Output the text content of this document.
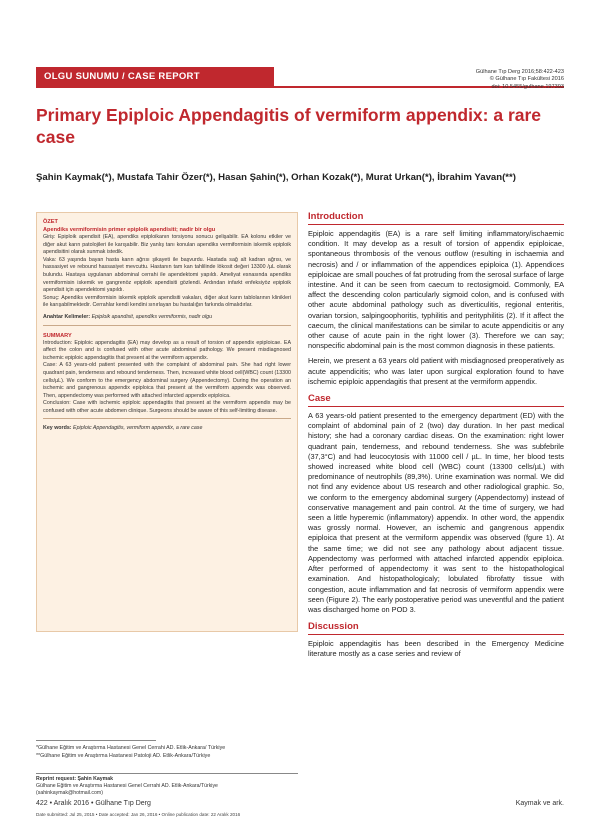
OLGU SUNUMU / CASE REPORT	Gülhane Tıp Derg 2016;58:422-423
© Gülhane Tıp Fakültesi 2016
doi: 10.5455/gulhane.197393
Primary Epiploic Appendagitis of vermiform appendix: a rare case
Şahin Kaymak(*), Mustafa Tahir Özer(*), Hasan Şahin(*), Orhan Kozak(*), Murat Urkan(*), İbrahim Yavan(**)
ÖZET
Apendiks vermiformisin primer epiploik apendisiti; nadir bir olgu
Giriş: Epiploik apendisit (EA), apendiks epiploikanın torsiyonu sonucu gelişabilir. EA kolonu etkiler ve diğer akut karın patolojileri ile karışabilir. Biz yanlış tanı konulan apendiks vermiformisin iskemik epiploik apendisitini olarak sunmak istedik.
Vaka: 63 yaşında bayan hasta karın ağrısı şikayeti ile başvurdu. Hastada sağ alt kadran ağrısı, ve hassasiyet ve rebound hassasiyet mevcuttu. Hastanın tam kan tahlilinde lökosit değeri 13300 /µL olarak bulundu. Hastaya uygulanan abdominal cerrahi ile apendektomi yapıldı. Ameliyat esnasında apendiks vermiformisin iskemik ve gangrenöz epiploik apendisiti gözlendi. Ardından infarkt enfeksiyöz epiploik apendisit için apendektomi yapıldı.
Sonuç: Apendiks vermiformisin iskemik epiploik apendisiti vakaları, diğer akut karın tablolarının klinikleri ile karışabilmektedir. Cerrahlar kendi kendini sınırlayan bu hastalığın farkında olmalıdırlar.
Anahtar Kelimeler: Epiploik apandisit, apendiks vermiformis, nadir olgu
SUMMARY
Introduction: Epiploic appendagitis (EA) may develop as a result of torsion of appendix epiploicae. EA affect the colon and is confused with other acute abdominal pathology. We present misdiagnosed ischemic epiploic appendagitis that present at the vermiform appendix.
Case: A 63 years-old patient presented with the complaint of abdominal pain. She had right lower quadrant pain, tenderness and rebound tenderness. Then, increased white blood cell(WBC) count (13300 cells/µL). We conform to the emergency abdominal surgery (Appendectomy). During the operation an ischemic and gangrenous appendix epiploica that present at the vermiform appendix was observed. Then, appendectomy was performed with attached infarcted appendix epiploica.
Conclusion: Case with ischemic epiploic appendagitis that present at the vermiform appendix may be confused with other acute abdomen clinique. Surgeons should be aware of this self-limiting disease.
Key words: Epiploic Appendagitis, vermiform appendix, a rare case
*Gülhane Eğitim ve Araştırma Hastanesi Genel Cerrahi AD. Etlik-Ankara/ Türkiye
**Gülhane Eğitim ve Araştırma Hastanesi Patoloji AD. Etlik-Ankara/Türkiye
Reprint request: Şahin Kaymak
Gülhane Eğitim ve Araştırma Hastanesi Genel Cerrahi AD. Etlik-Ankara/Türkiye
(sahinkaymak@hotmail.com)
Date submitted: Jul 25, 2015 • Date accepted: Jan 26, 2016 • Online publication date: 22 Aralık 2016
Introduction

Epiploic appendagitis (EA) is a rare self limiting inflammatory/ischaemic condition. It may develop as a result of torsion of appendix epiploicae, spontaneous thrombosis of the venous outflow (resulting in ischaemia and necrosis) and / or inflammation of the appendices epiploica (1). Appendices epiploicae are small pouches of fat protruding from the serosal surface of large intestine. And it can be seen from caecum to rectosigmoid. Commonly, EA affect the descending colon particularly sigmoid colon, and is confused with other acute abdominal pathology such as diverticulitis, regional enteritis, ovarian torsion, salpingoophoritis, typhilitis and perityphilitis (2). If it affect the caecum, the clinical manifestations can be similar to acute appendicitis or any other cause of acute pain in the right lower (3). Therefore we can say; nonspecific abdominal pain is the most common diagnosis in these patients.

Herein, we present a 63 years old patient with misdiagnosed preoperatively as acute appendicitis; who was later upon surgical exploration found to have ischemic epiploic appendagitis that present at the vermiform appendix.

Case

A 63 years-old patient presented to the emergency department (ED) with the complaint of abdominal pain of 2 (two) day duration. In her past medical history; she had a coronary cardiac diseas. On the examination: right lower quadrant pain, tenderness, and rebound tenderness. She was subfebrile (37,3°C) and had leucocytosis with 11000 cell / µL. In time, her blood tests showed increased white blood cell (WBC) count (13300 cells/µL) with predominance of neutrophils (89,3%). Urine examination was normal. We did not find any evidence about US research and other radiological graphic. So, we conform to the emergency abdominal surgery (Appendectomy) instead of conservative management and pain control. At the time of surgery, we had seen a little hyperemic (inflammatory) appendix. In other word, the appendix was grossly normal. However, an ischemic and gangrenous appendix epiploica that present at the vermiform appendix was observed (fgure 1). At the same time; we did not see any pathology about adjacent tissue. Appendectomy was performed with attached infarcted appendix epiploica. After performed of appendectomy it was sent to the histopathological examination. And histopathologicaly; lobulated fibrofatty tissue with congestion, acute inflammation and fat necrosis of vermiform appendix were seen (Figure 2). The early postoperative period was uneventful and the patient was discharged home on POD 3.

Discussion

Epiploic appendagitis has been described in the Emergency Medicine literature mostly as a case series and review of

422 • Aralık 2016 • Gülhane Tıp Derg	Kaymak ve ark.
